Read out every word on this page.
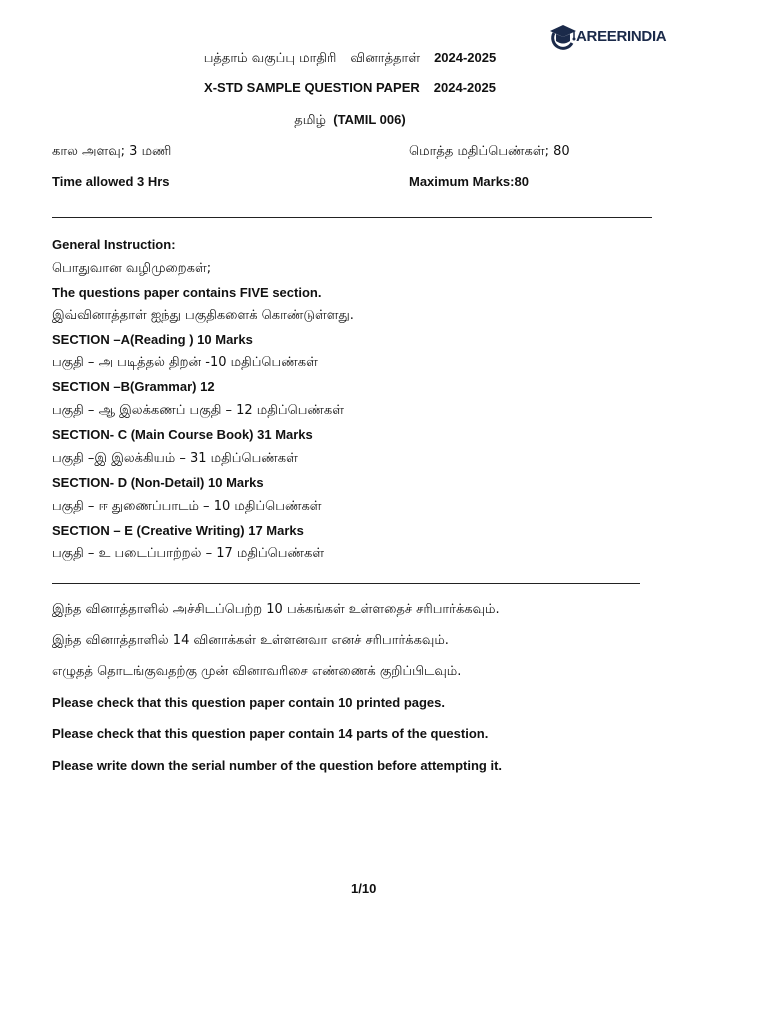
AREERINDIA
பத்தாம் வகுப்பு மாதிரி வினாத்தாள் 2024-2025
X-STD SAMPLE QUESTION PAPER 2024-2025
தமிழ் (TAMIL 006)
கால அளவு; 3 மணி	மொத்த மதிப்பெண்கள்; 80
Time allowed 3 Hrs	Maximum Marks:80
General Instruction:
பொதுவான வழிமுறைகள்;
The questions paper contains FIVE section.
இவ்வினாத்தாள் ஐந்து பகுதிகளைக் கொண்டுள்ளது.
SECTION –A(Reading ) 10 Marks
பகுதி – அ படித்தல் திறன் -10 மதிப்பெண்கள்
SECTION –B(Grammar) 12
பகுதி – ஆ இலக்கணப் பகுதி – 12 மதிப்பெண்கள்
SECTION- C (Main Course Book) 31 Marks
பகுதி –இ இலக்கியம் – 31 மதிப்பெண்கள்
SECTION- D (Non-Detail) 10 Marks
பகுதி – ஈ துணைப்பாடம் – 10 மதிப்பெண்கள்
SECTION – E (Creative Writing) 17 Marks
பகுதி – உ படைப்பாற்றல் – 17 மதிப்பெண்கள்
இந்த வினாத்தாளில் அச்சிடப்பெற்ற 10 பக்கங்கள் உள்ளதைச் சரிபார்க்கவும்.
இந்த வினாத்தாளில் 14 வினாக்கள் உள்ளனவா எனச் சரிபார்க்கவும்.
எழுதத் தொடங்குவதற்கு முன் வினாவரிசை எண்ணைக் குறிப்பிடவும்.
Please check that this question paper contain 10 printed pages.
Please check that this question paper contain 14 parts of the question.
Please write down the serial number of the question before attempting it.
1/10
